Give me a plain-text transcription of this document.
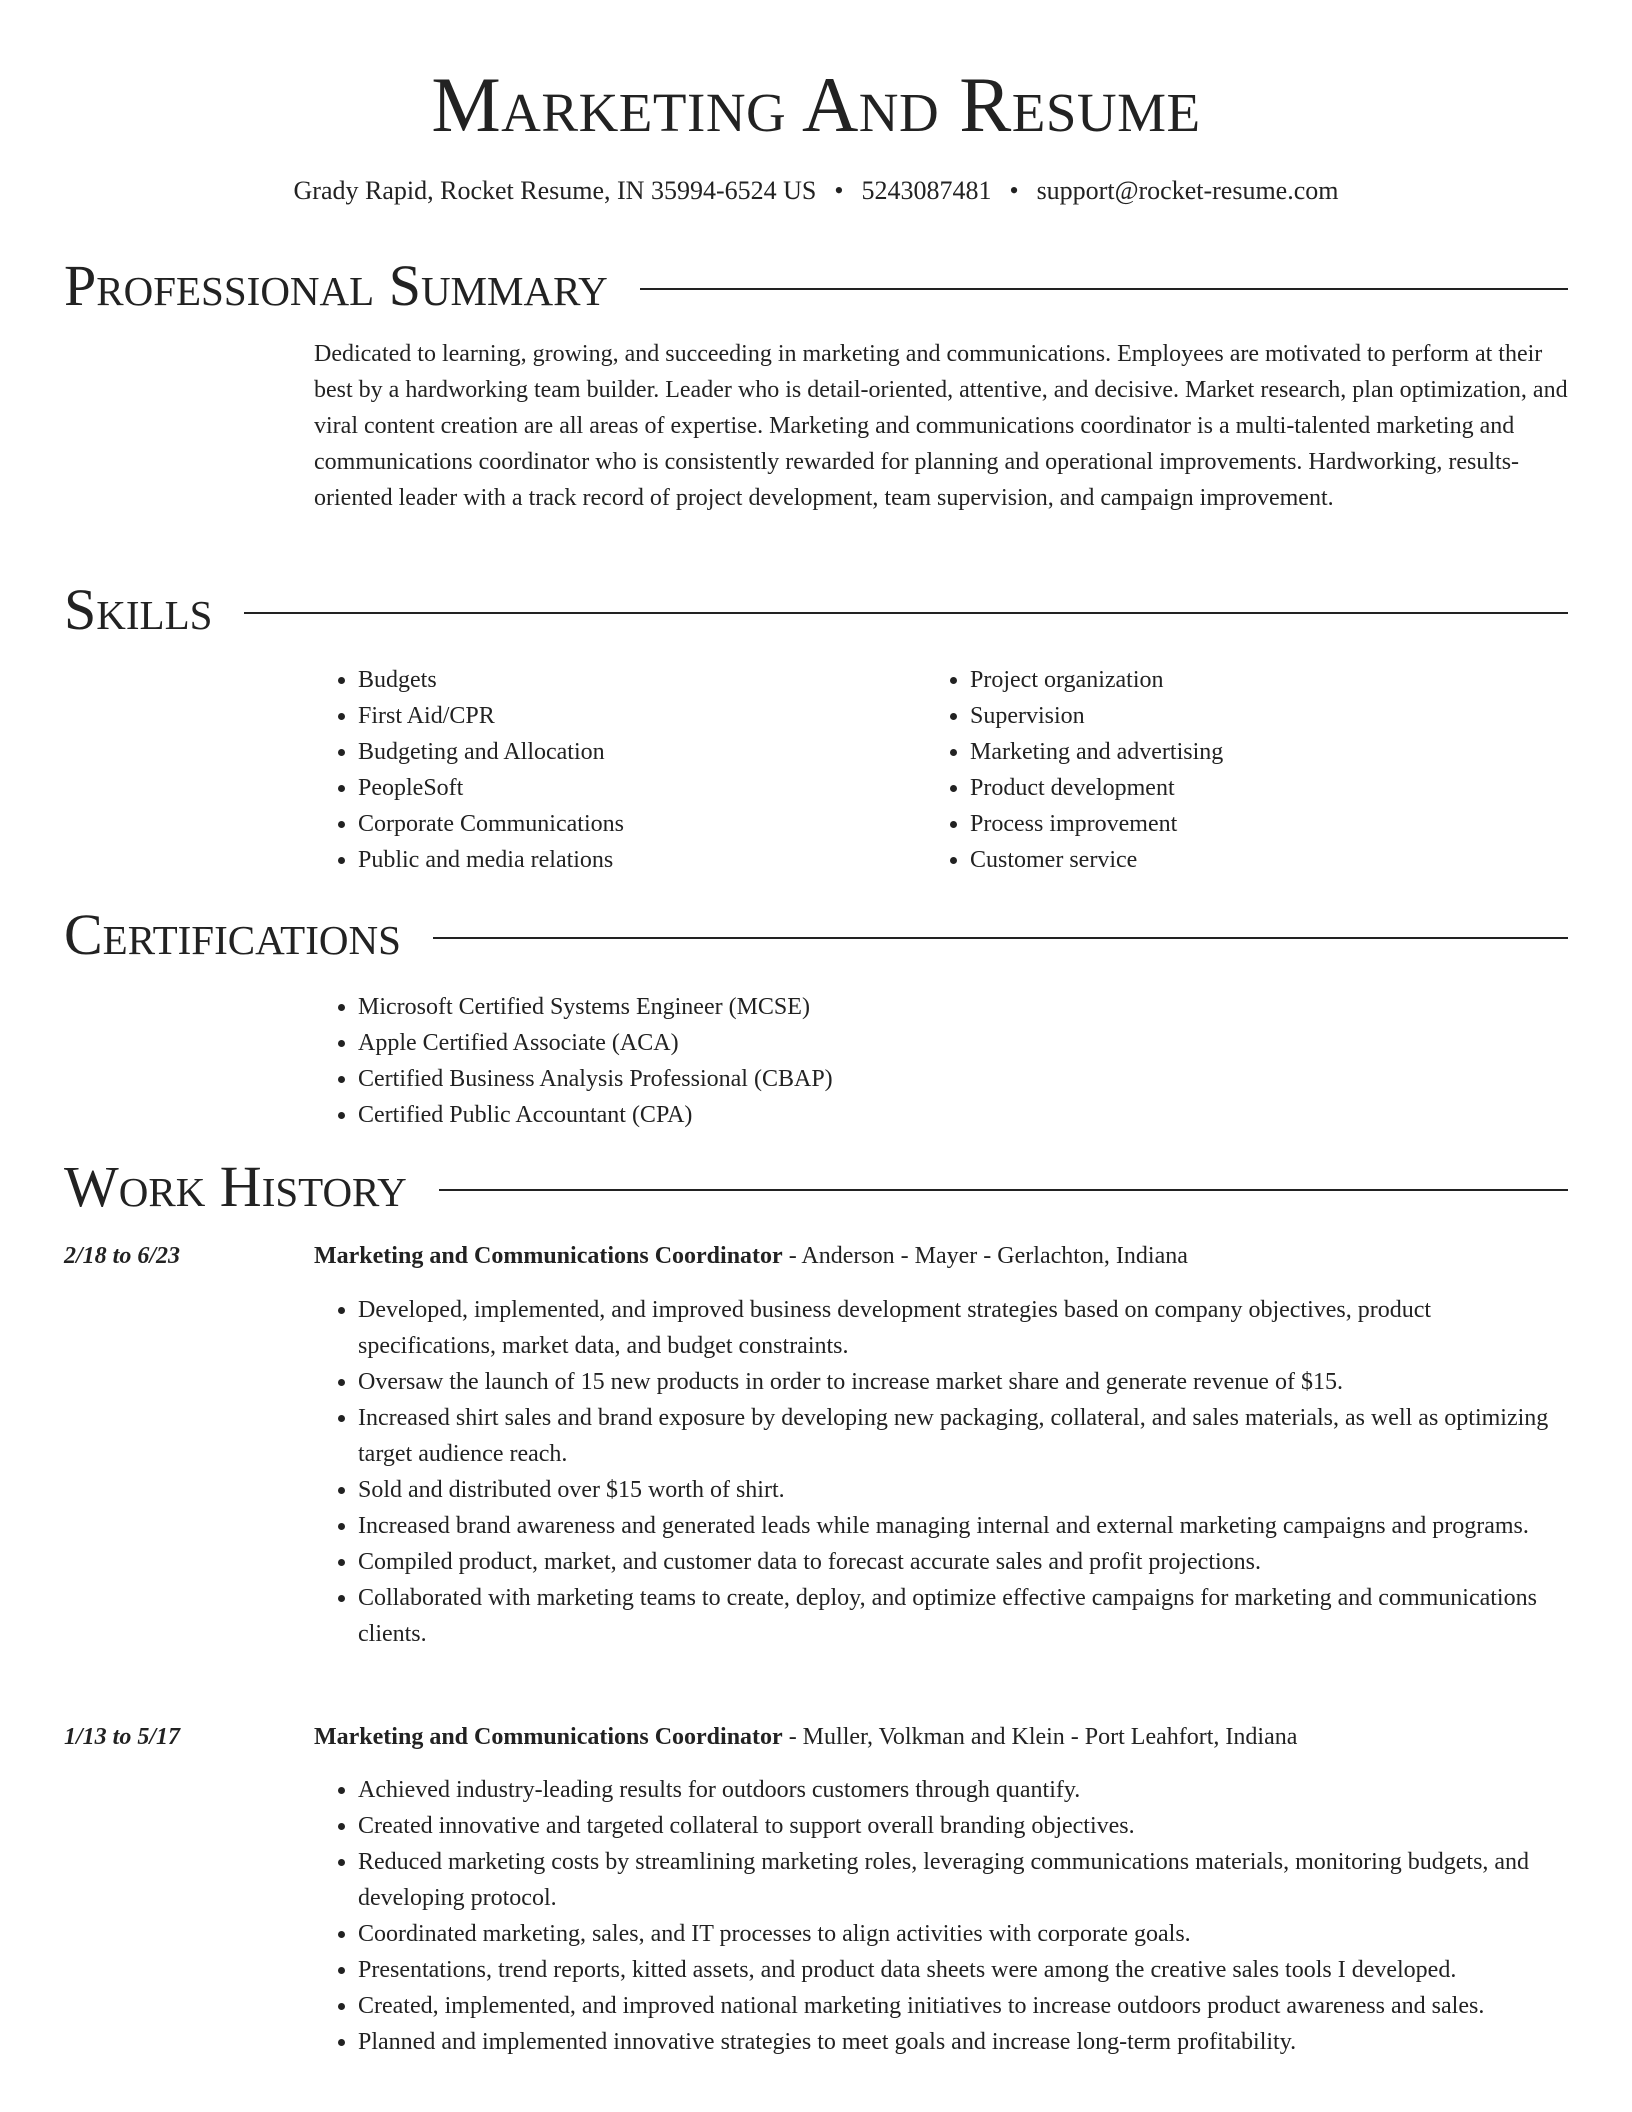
Marketing And Resume
Grady Rapid, Rocket Resume, IN 35994-6524 US • 5243087481 • support@rocket-resume.com
Professional Summary
Dedicated to learning, growing, and succeeding in marketing and communications. Employees are motivated to perform at their best by a hardworking team builder. Leader who is detail-oriented, attentive, and decisive. Market research, plan optimization, and viral content creation are all areas of expertise. Marketing and communications coordinator is a multi-talented marketing and communications coordinator who is consistently rewarded for planning and operational improvements. Hardworking, results-oriented leader with a track record of project development, team supervision, and campaign improvement.
Skills
• Budgets
• First Aid/CPR
• Budgeting and Allocation
• PeopleSoft
• Corporate Communications
• Public and media relations
• Project organization
• Supervision
• Marketing and advertising
• Product development
• Process improvement
• Customer service
Certifications
• Microsoft Certified Systems Engineer (MCSE)
• Apple Certified Associate (ACA)
• Certified Business Analysis Professional (CBAP)
• Certified Public Accountant (CPA)
Work History
2/18 to 6/23	Marketing and Communications Coordinator - Anderson - Mayer - Gerlachton, Indiana
• Developed, implemented, and improved business development strategies based on company objectives, product specifications, market data, and budget constraints.
• Oversaw the launch of 15 new products in order to increase market share and generate revenue of $15.
• Increased shirt sales and brand exposure by developing new packaging, collateral, and sales materials, as well as optimizing target audience reach.
• Sold and distributed over $15 worth of shirt.
• Increased brand awareness and generated leads while managing internal and external marketing campaigns and programs.
• Compiled product, market, and customer data to forecast accurate sales and profit projections.
• Collaborated with marketing teams to create, deploy, and optimize effective campaigns for marketing and communications clients.
1/13 to 5/17	Marketing and Communications Coordinator - Muller, Volkman and Klein - Port Leahfort, Indiana
• Achieved industry-leading results for outdoors customers through quantify.
• Created innovative and targeted collateral to support overall branding objectives.
• Reduced marketing costs by streamlining marketing roles, leveraging communications materials, monitoring budgets, and developing protocol.
• Coordinated marketing, sales, and IT processes to align activities with corporate goals.
• Presentations, trend reports, kitted assets, and product data sheets were among the creative sales tools I developed.
• Created, implemented, and improved national marketing initiatives to increase outdoors product awareness and sales.
• Planned and implemented innovative strategies to meet goals and increase long-term profitability.
